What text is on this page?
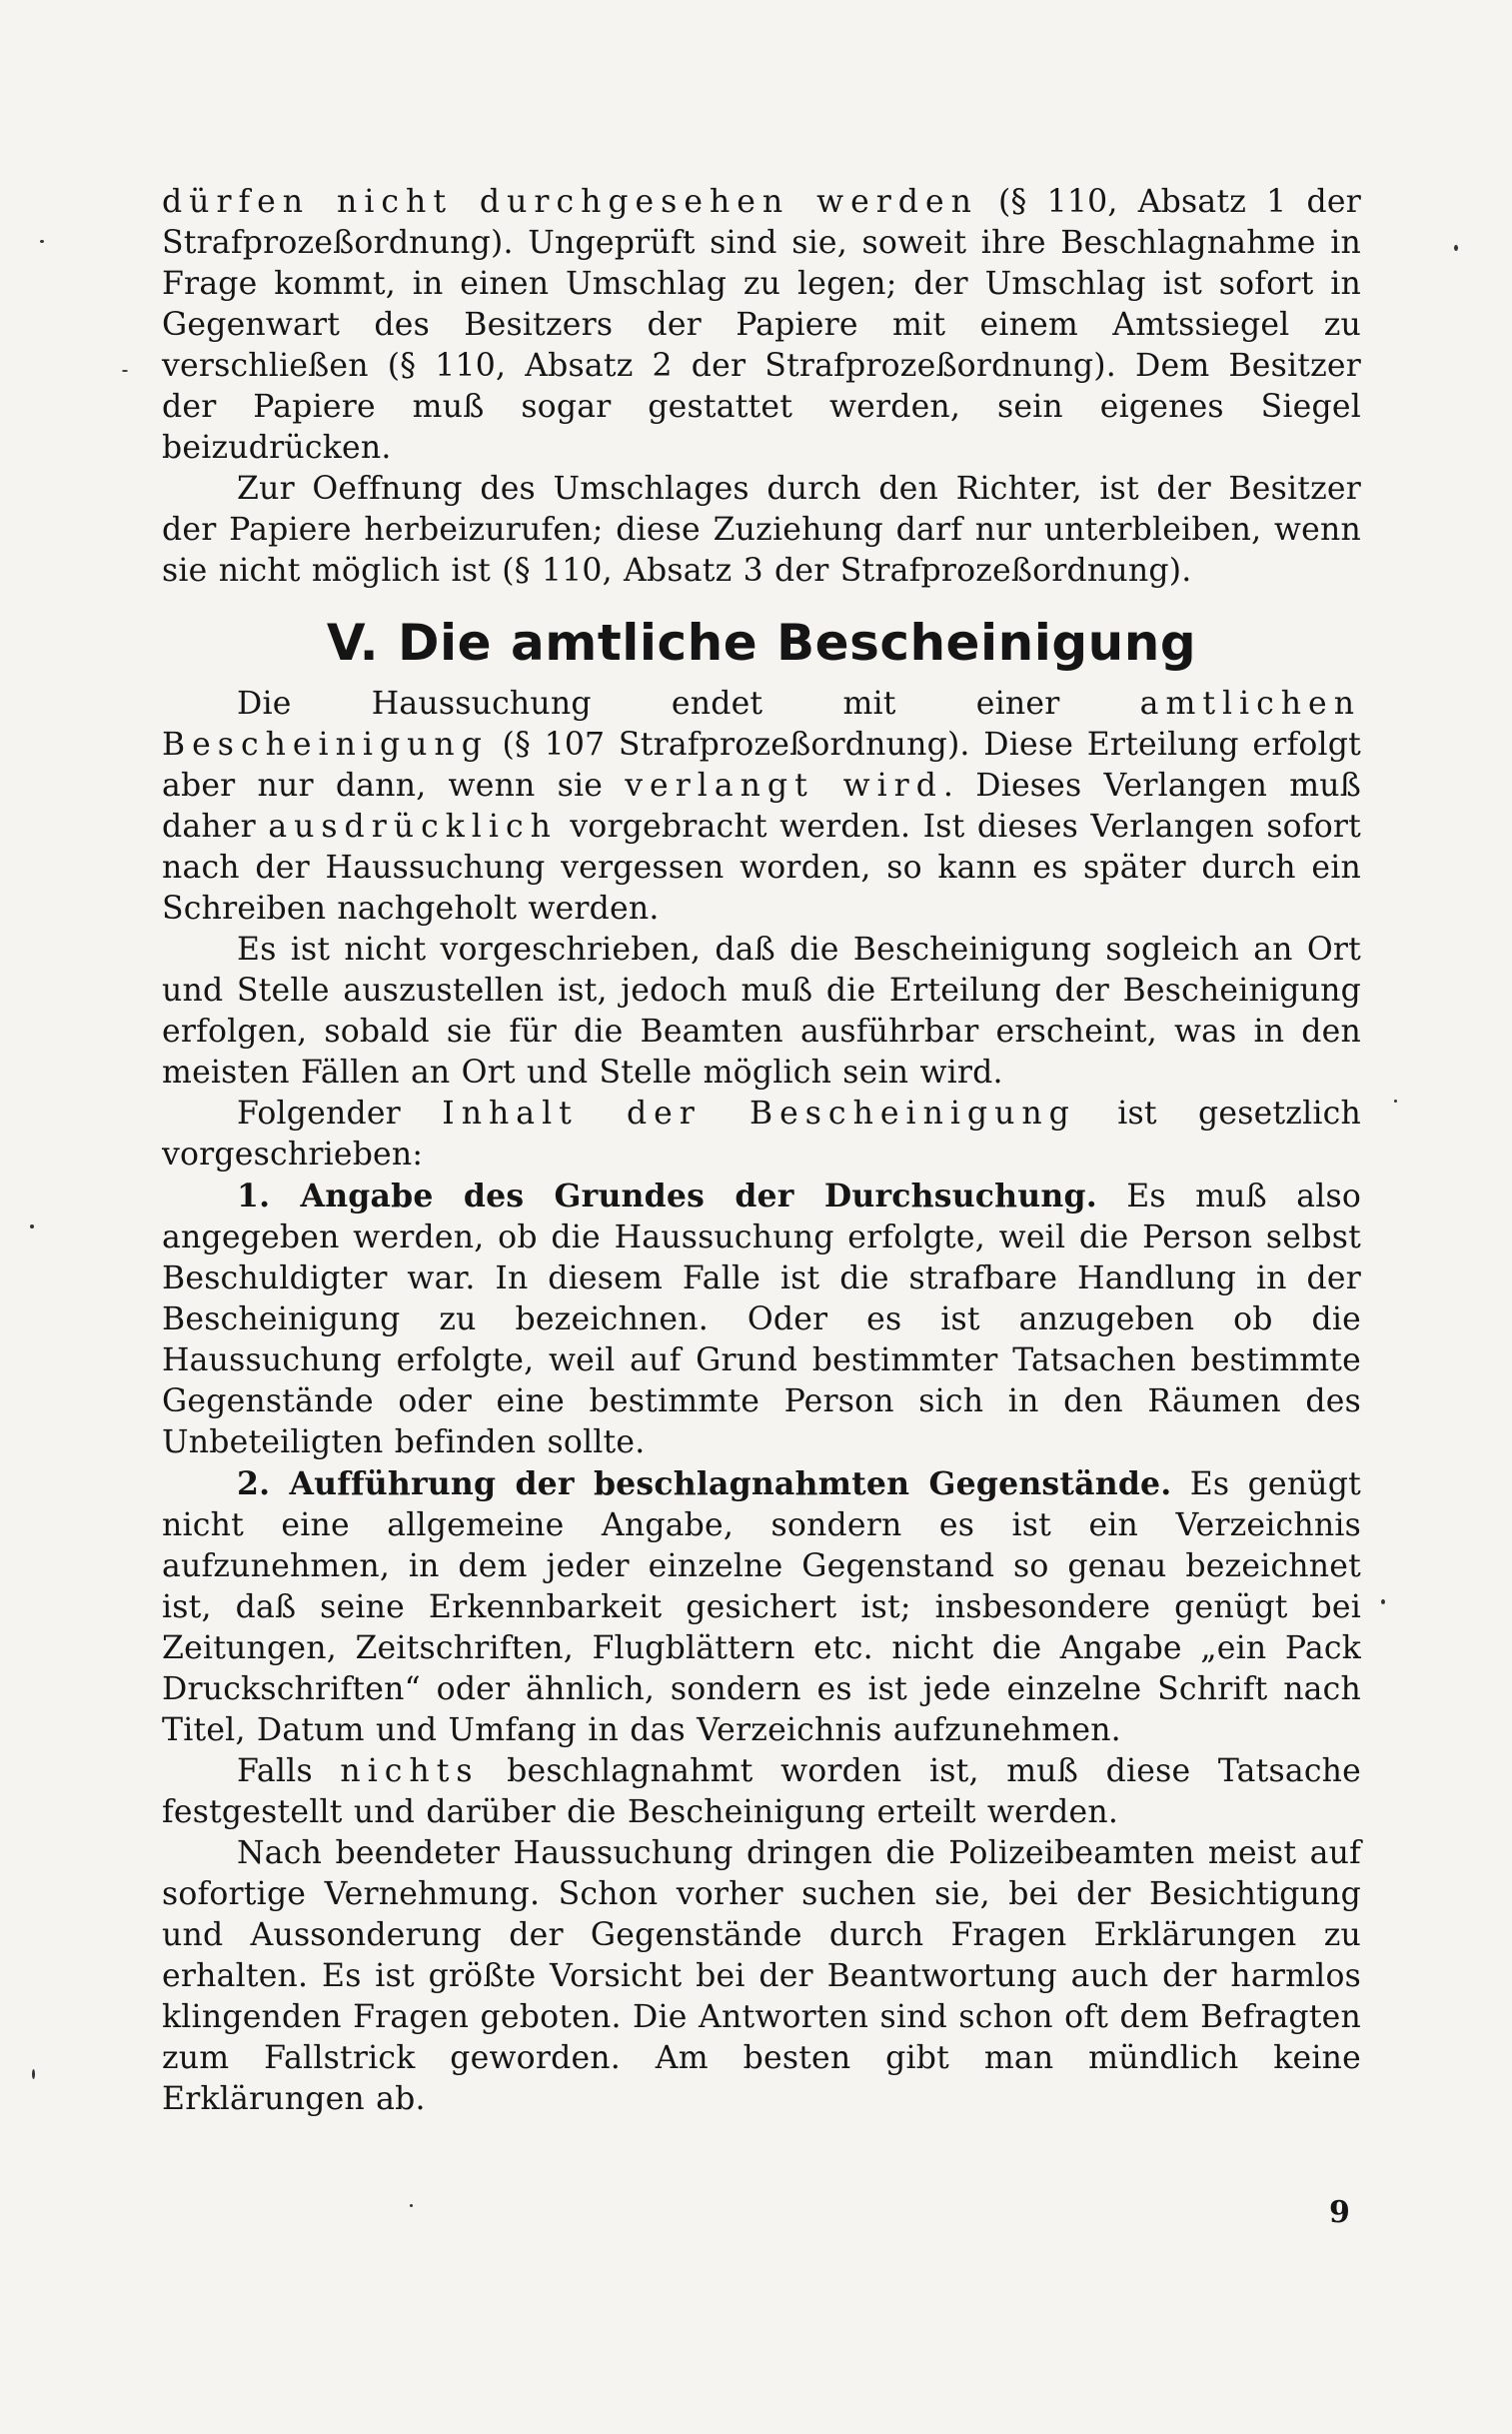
dürfen nicht durchgesehen werden (§ 110, Absatz 1 der Strafprozeßordnung). Ungeprüft sind sie, soweit ihre Beschlagnahme in Frage kommt, in einen Umschlag zu legen; der Umschlag ist sofort in Gegenwart des Besitzers der Papiere mit einem Amtssiegel zu verschließen (§ 110, Absatz 2 der Strafprozeßordnung). Dem Besitzer der Papiere muß sogar gestattet werden, sein eigenes Siegel beizudrücken.

Zur Oeffnung des Umschlages durch den Richter, ist der Besitzer der Papiere herbeizurufen; diese Zuziehung darf nur unterbleiben, wenn sie nicht möglich ist (§ 110, Absatz 3 der Strafprozeßordnung).

V. Die amtliche Bescheinigung

Die Haussuchung endet mit einer amtlichen Bescheinigung (§ 107 Strafprozeßordnung). Diese Erteilung erfolgt aber nur dann, wenn sie verlangt wird. Dieses Verlangen muß daher ausdrücklich vorgebracht werden. Ist dieses Verlangen sofort nach der Haussuchung vergessen worden, so kann es später durch ein Schreiben nachgeholt werden.

Es ist nicht vorgeschrieben, daß die Bescheinigung sogleich an Ort und Stelle auszustellen ist, jedoch muß die Erteilung der Bescheinigung erfolgen, sobald sie für die Beamten ausführbar erscheint, was in den meisten Fällen an Ort und Stelle möglich sein wird.

Folgender Inhalt der Bescheinigung ist gesetzlich vorgeschrieben:

1. Angabe des Grundes der Durchsuchung. Es muß also angegeben werden, ob die Haussuchung erfolgte, weil die Person selbst Beschuldigter war. In diesem Falle ist die strafbare Handlung in der Bescheinigung zu bezeichnen. Oder es ist anzugeben ob die Haussuchung erfolgte, weil auf Grund bestimmter Tatsachen bestimmte Gegenstände oder eine bestimmte Person sich in den Räumen des Unbeteiligten befinden sollte.

2. Aufführung der beschlagnahmten Gegenstände. Es genügt nicht eine allgemeine Angabe, sondern es ist ein Verzeichnis aufzunehmen, in dem jeder einzelne Gegenstand so genau bezeichnet ist, daß seine Erkennbarkeit gesichert ist; insbesondere genügt bei Zeitungen, Zeitschriften, Flugblättern etc. nicht die Angabe „ein Pack Druckschriften“ oder ähnlich, sondern es ist jede einzelne Schrift nach Titel, Datum und Umfang in das Verzeichnis aufzunehmen.

Falls nichts beschlagnahmt worden ist, muß diese Tatsache festgestellt und darüber die Bescheinigung erteilt werden.

Nach beendeter Haussuchung dringen die Polizeibeamten meist auf sofortige Vernehmung. Schon vorher suchen sie, bei der Besichtigung und Aussonderung der Gegenstände durch Fragen Erklärungen zu erhalten. Es ist größte Vorsicht bei der Beantwortung auch der harmlos klingenden Fragen geboten. Die Antworten sind schon oft dem Befragten zum Fallstrick geworden. Am besten gibt man mündlich keine Erklärungen ab.

9
